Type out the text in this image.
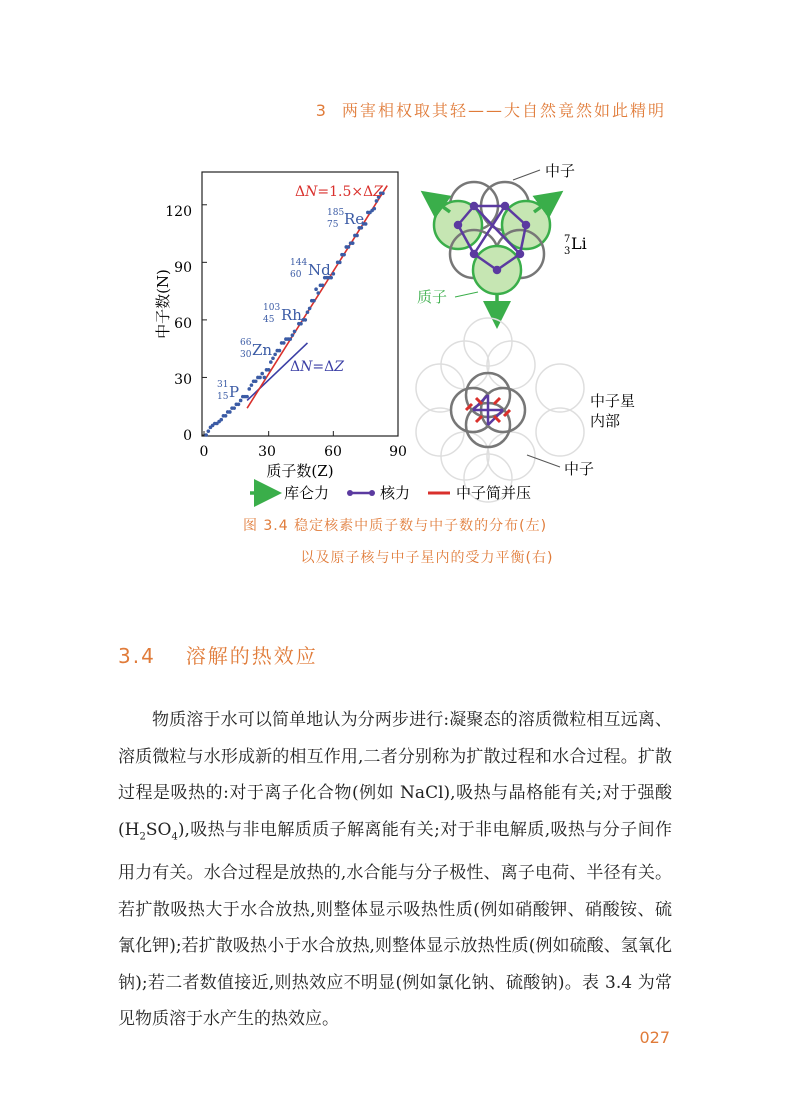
3 两害相权取其轻——大自然竟然如此精明
0	30	60	90
0
30
60
90
120
质子数(Z)
中子数(N)
31
15 P
66
30 Zn
103
45 Rh
144
60 Nd
185
75 Re
ΔN=ΔZ
ΔN=1.5×ΔZ
中子
质子
7
3 Li
中子星
内部
中子
库仑力	核力	中子简并压
图 3.4 稳定核素中质子数与中子数的分布(左)
以及原子核与中子星内的受力平衡(右)
3.4 溶解的热效应

物质溶于水可以简单地认为分两步进行:凝聚态的溶质微粒相互远离、溶质微粒与水形成新的相互作用,二者分别称为扩散过程和水合过程。扩散过程是吸热的:对于离子化合物(例如 NaCl),吸热与晶格能有关;对于强酸$(H_2SO_4)$,吸热与非电解质质子解离能有关;对于非电解质,吸热与分子间作用力有关。水合过程是放热的,水合能与分子极性、离子电荷、半径有关。若扩散吸热大于水合放热,则整体显示吸热性质(例如硝酸钾、硝酸铵、硫氰化钾);若扩散吸热小于水合放热,则整体显示放热性质(例如硫酸、氢氧化钠);若二者数值接近,则热效应不明显(例如氯化钠、硫酸钠)。表 3.4 为常见物质溶于水产生的热效应。

027
